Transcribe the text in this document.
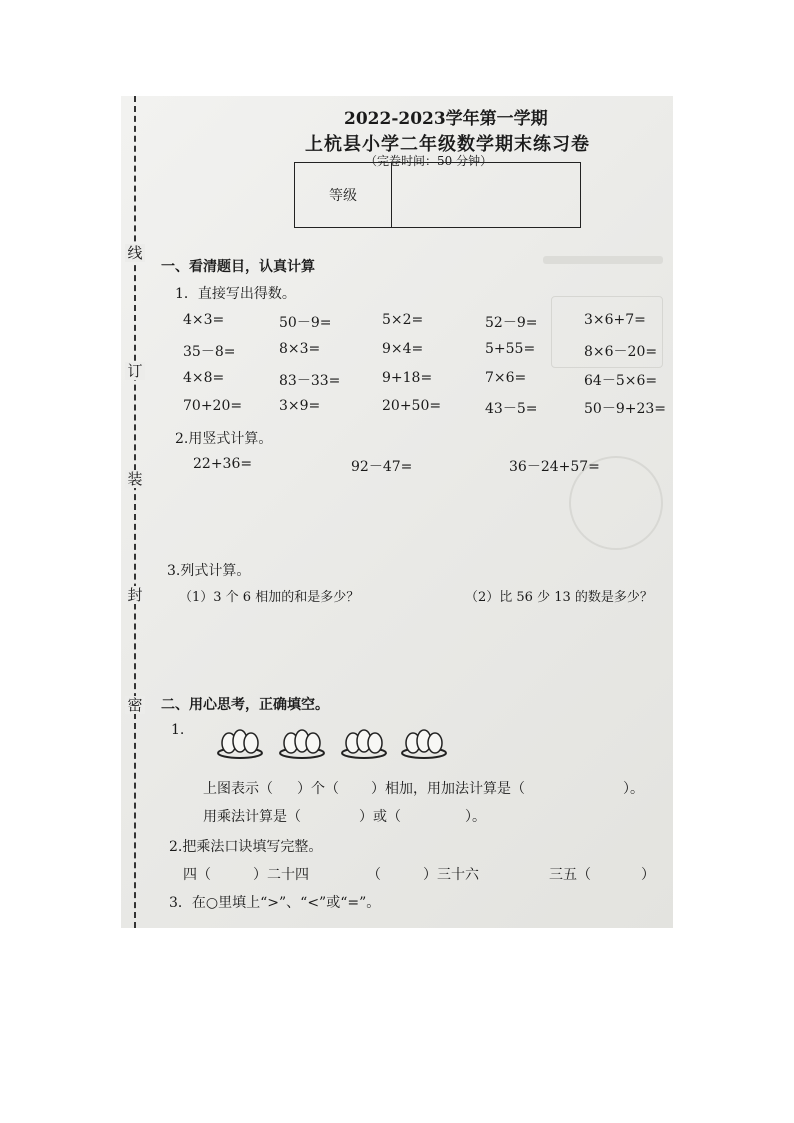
线
订
装
封
密
2022-2023学年第一学期
上杭县小学二年级数学期末练习卷
（完卷时间：50 分钟）
等级
一、看清题目，认真计算
1．直接写出得数。
4×3=	50－9=	5×2=	52－9=	3×6+7=
35－8=	8×3=	9×4=	5+55=	8×6－20=
4×8=	83－33=	9+18=	7×6=	64－5×6=
70+20=	3×9=	20+50=	43－5=	50－9+23=
2.用竖式计算。
22+36=	92－47=	36－24+57=
3.列式计算。
（1）3 个 6 相加的和是多少？	（2）比 56 少 13 的数是多少？
二、用心思考，正确填空。
1.
上图表示（ ）个（ ）相加，用加法计算是（	）。
用乘法计算是（	）或（	）。
2.把乘法口诀填写完整。
四（	）二十四	（	）三十六	三五（	）
3．在○里填上“>”、“<”或“=”。
